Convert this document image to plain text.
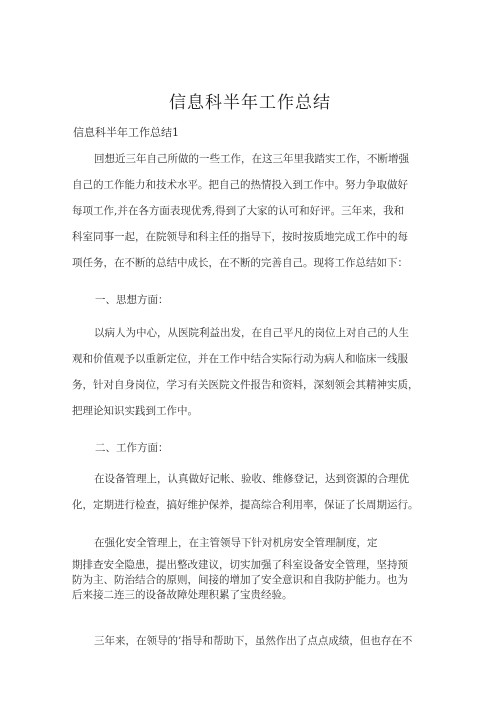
信息科半年工作总结
信息科半年工作总结1
回想近三年自己所做的一些工作，在这三年里我踏实工作，不断增强
自己的工作能力和技术水平。把自己的热情投入到工作中。努力争取做好
每项工作,并在各方面表现优秀,得到了大家的认可和好评。三年来，我和
科室同事一起，在院领导和科主任的指导下，按时按质地完成工作中的每
项任务，在不断的总结中成长，在不断的完善自己。现将工作总结如下：
一、思想方面：
以病人为中心，从医院利益出发，在自己平凡的岗位上对自己的人生
观和价值观予以重新定位，并在工作中结合实际行动为病人和临床一线服
务，针对自身岗位，学习有关医院文件报告和资料，深刻领会其精神实质，
把理论知识实践到工作中。
二、工作方面：
在设备管理上，认真做好记帐、验收、维修登记，达到资源的合理优
化，定期进行检查，搞好维护保养，提高综合利用率，保证了长周期运行。
在强化安全管理上，在主管领导下针对机房安全管理制度，定
期排查安全隐患，提出整改建议，切实加强了科室设备安全管理，坚持预
防为主、防治结合的原则，间接的增加了安全意识和自我防护能力。也为
后来接二连三的设备故障处理积累了宝贵经验。
三年来，在领导的’指导和帮助下，虽然作出了点点成绩，但也存在不
